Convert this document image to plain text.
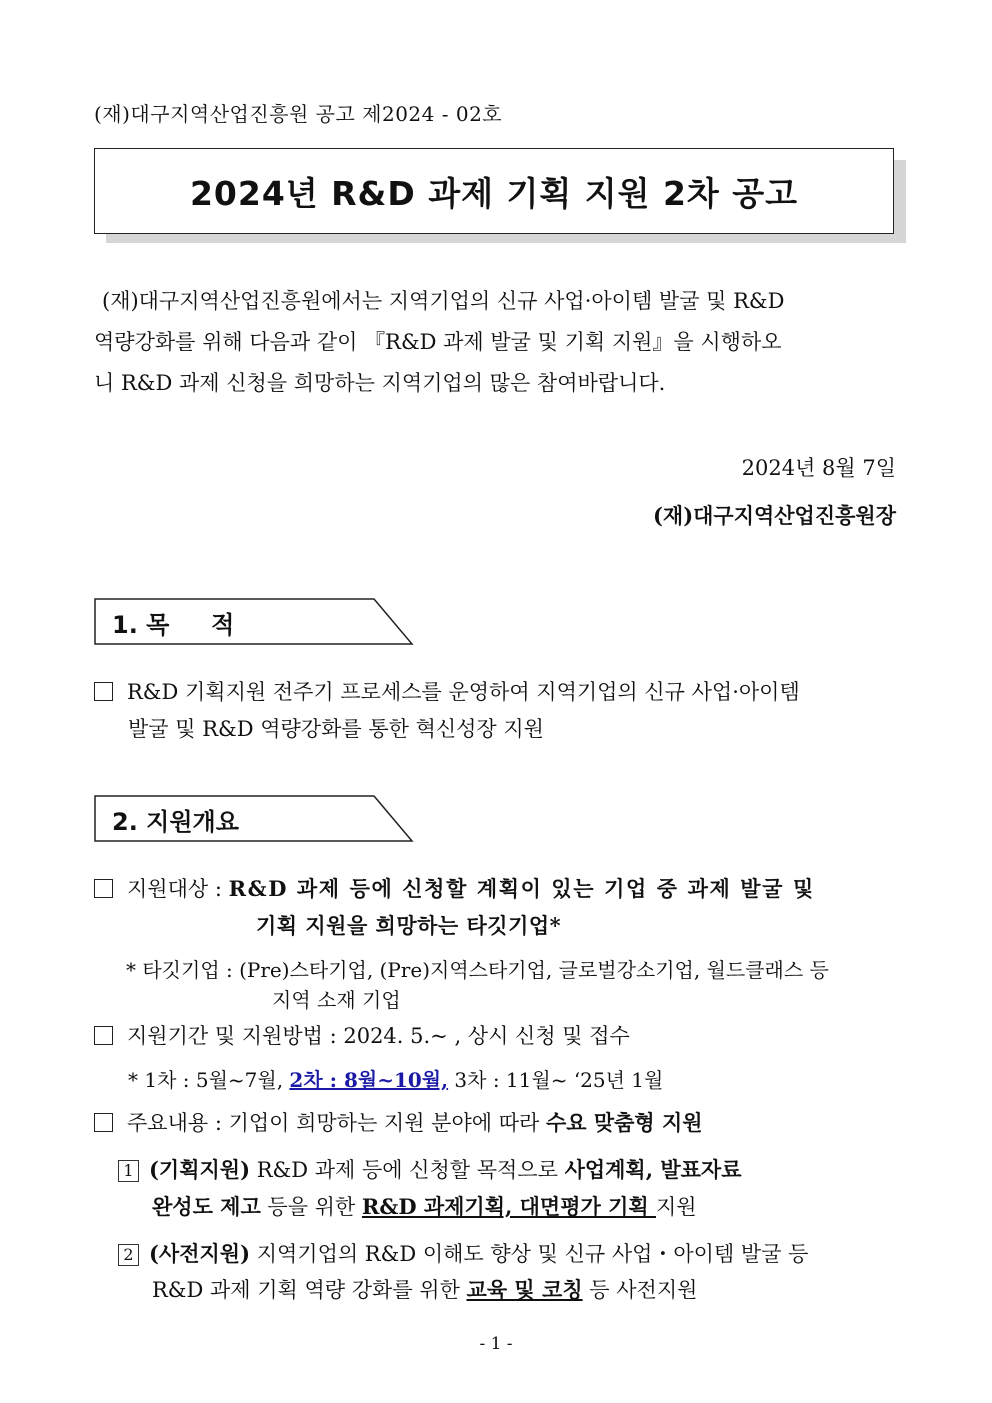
(재)대구지역산업진흥원 공고 제2024 - 02호
2024년 R&D 과제 기획 지원 2차 공고
(재)대구지역산업진흥원에서는 지역기업의 신규 사업·아이템 발굴 및 R&D
역량강화를 위해 다음과 같이 『R&D 과제 발굴 및 기획 지원』을 시행하오
니 R&D 과제 신청을 희망하는 지역기업의 많은 참여바랍니다.
2024년 8월 7일
(재)대구지역산업진흥원장
1. 목     적
R&D 기획지원 전주기 프로세스를 운영하여 지역기업의 신규 사업·아이템
발굴 및 R&D 역량강화를 통한 혁신성장 지원
2. 지원개요
지원대상 : R&D 과제 등에 신청할 계획이 있는 기업 중 과제 발굴 및
기획 지원을 희망하는 타깃기업*
* 타깃기업 : (Pre)스타기업, (Pre)지역스타기업, 글로벌강소기업, 월드클래스 등
지역 소재 기업
지원기간 및 지원방법 : 2024. 5.~ , 상시 신청 및 접수
* 1차 : 5월~7월, 2차 : 8월~10월, 3차 : 11월~ ‘25년 1월
주요내용 : 기업이 희망하는 지원 분야에 따라 수요 맞춤형 지원
1 (기획지원) R&D 과제 등에 신청할 목적으로 사업계획, 발표자료
완성도 제고 등을 위한 R&D 과제기획, 대면평가 기획 지원
2 (사전지원) 지역기업의 R&D 이해도 향상 및 신규 사업・아이템 발굴 등
R&D 과제 기획 역량 강화를 위한 교육 및 코칭 등 사전지원
- 1 -
